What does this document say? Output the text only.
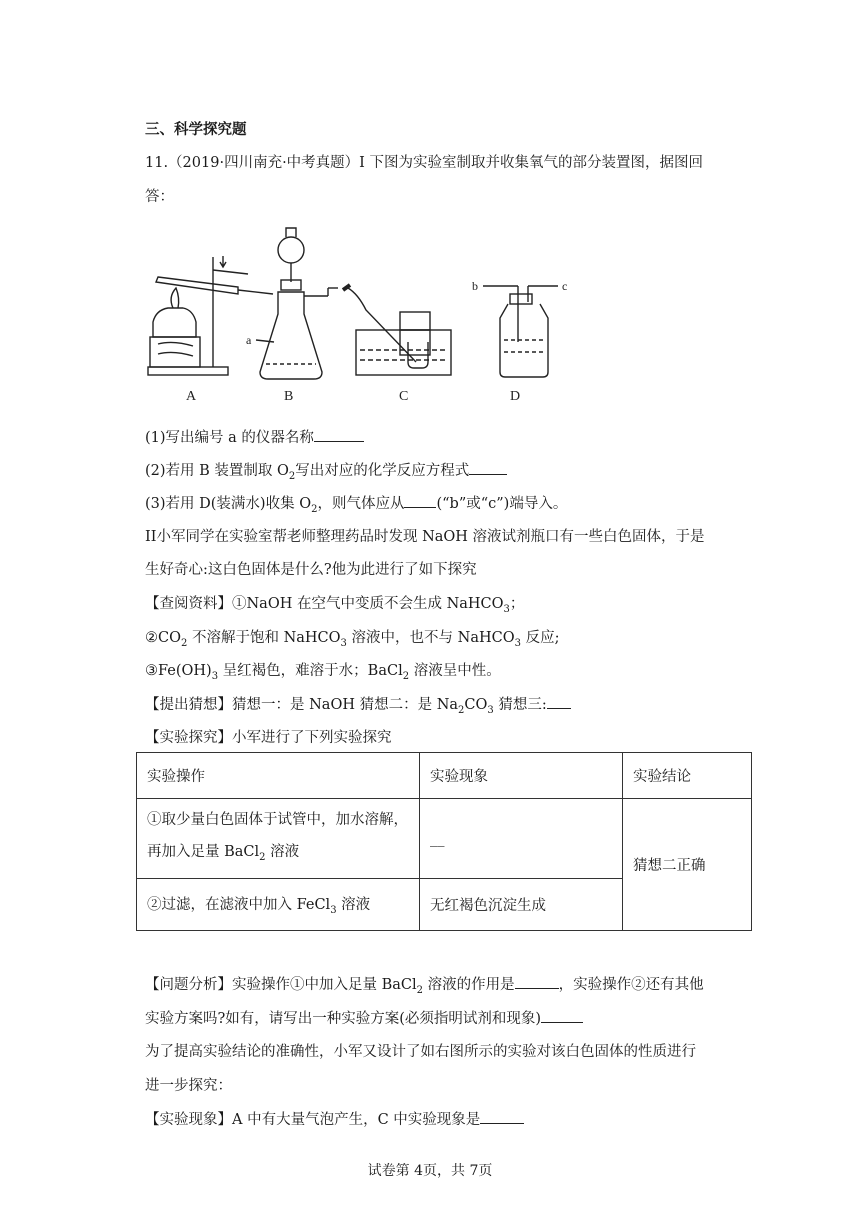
三、科学探究题
11.（2019·四川南充·中考真题）I 下图为实验室制取并收集氧气的部分装置图，据图回
答：
A	B	C	D
a
b	c
(1)写出编号 a 的仪器名称
(2)若用 B 装置制取 $O_2$写出对应的化学反应方程式
(3)若用 D(装满水)收集 $O_2$，则气体应从 (“b”或“c”)端导入。
II小军同学在实验室帮老师整理药品时发现 NaOH 溶液试剂瓶口有一些白色固体，于是
生好奇心:这白色固体是什么?他为此进行了如下探究
【查阅资料】①NaOH 在空气中变质不会生成 NaHCO$_3$；
$②CO_2$ 不溶解于饱和 NaHCO$_3$ 溶液中，也不与 NaHCO$_3$ 反应;
$③Fe(OH)_3$ 呈红褐色，难溶于水；BaCl$_2$ 溶液呈中性。
【提出猜想】猜想一：是 NaOH 猜想二：是 $Na_2CO_3$ 猜想三:
【实验探究】小军进行了下列实验探究
实验操作	实验现象	实验结论
①取少量白色固体于试管中，加水溶解，
再加入足量 BaCl$_2$ 溶液	__	猜想二正确
②过滤，在滤液中加入 FeCl$_3$ 溶液	无红褐色沉淀生成	
【问题分析】实验操作①中加入足量 BaCl$_2$ 溶液的作用是	，实验操作②还有其他
实验方案吗?如有，请写出一种实验方案(必须指明试剂和现象)
为了提高实验结论的准确性，小军又设计了如右图所示的实验对该白色固体的性质进行
进一步探究：
【实验现象】A 中有大量气泡产生，C 中实验现象是
试卷第 4页，共 7页
